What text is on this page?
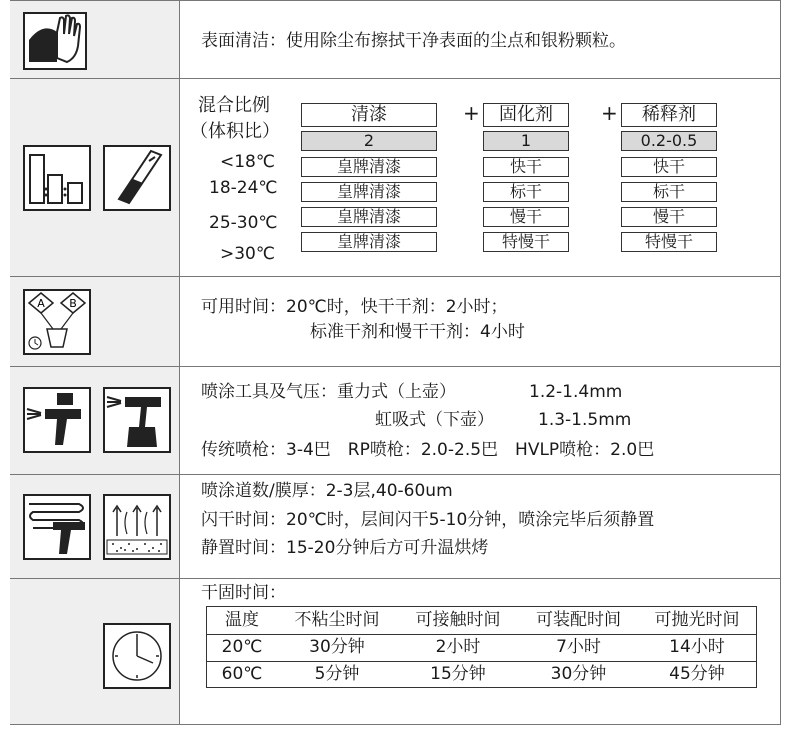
表面清洁：使用除尘布擦拭干净表面的尘点和银粉颗粒。
混合比例
（体积比）
<18℃
18-24℃
25-30℃
>30℃
清漆	+	固化剂	+	稀释剂
2	1	0.2-0.5
皇牌清漆	快干	快干
皇牌清漆	标干	标干
皇牌清漆	慢干	慢干
皇牌清漆	特慢干	特慢干
A B	可用时间：20℃时，快干干剂：2小时；
标准干剂和慢干干剂：4小时
喷涂工具及气压：重力式（上壶）	1.2-1.4mm
虹吸式（下壶）	1.3-1.5mm
传统喷枪：3-4巴　RP喷枪：2.0-2.5巴　HVLP喷枪：2.0巴
喷涂道数/膜厚：2-3层,40-60um
闪干时间：20℃时，层间闪干5-10分钟，喷涂完毕后须静置
静置时间：15-20分钟后方可升温烘烤
干固时间：
温度	不粘尘时间	可接触时间	可装配时间	可抛光时间
20℃	30分钟	2小时	7小时	14小时
60℃	5分钟	15分钟	30分钟	45分钟
